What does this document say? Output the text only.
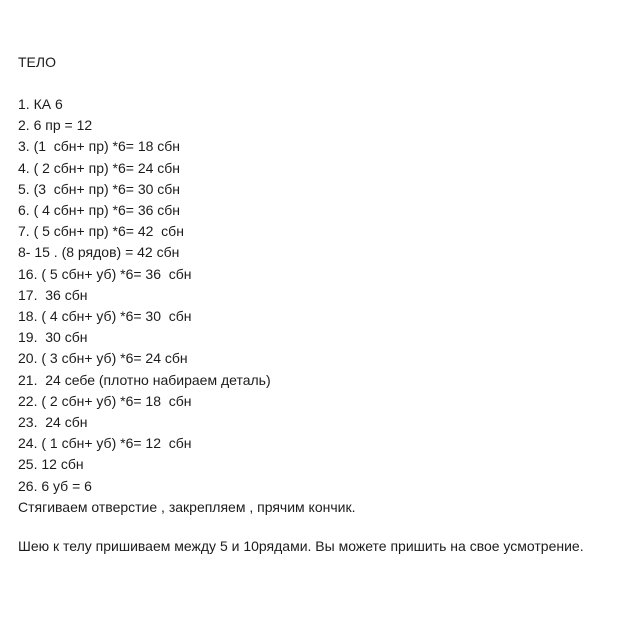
ТЕЛО
1. КА 6
2. 6 пр = 12
3. (1  сбн+ пр) *6= 18 сбн
4. ( 2 сбн+ пр) *6= 24 сбн
5. (3  сбн+ пр) *6= 30 сбн
6. ( 4 сбн+ пр) *6= 36 сбн
7. ( 5 сбн+ пр) *6= 42  сбн
8- 15 . (8 рядов) = 42 сбн
16. ( 5 сбн+ уб) *6= 36  сбн
17.  36 сбн
18. ( 4 сбн+ уб) *6= 30  сбн
19.  30 сбн
20. ( 3 сбн+ уб) *6= 24 сбн
21.  24 себе (плотно набираем деталь)
22. ( 2 сбн+ уб) *6= 18  сбн
23.  24 сбн
24. ( 1 сбн+ уб) *6= 12  сбн
25. 12 сбн
26. 6 уб = 6

Стягиваем отверстие , закрепляем , прячим кончик.

Шею к телу пришиваем между 5 и 10рядами. Вы можете пришить на свое усмотрение.
